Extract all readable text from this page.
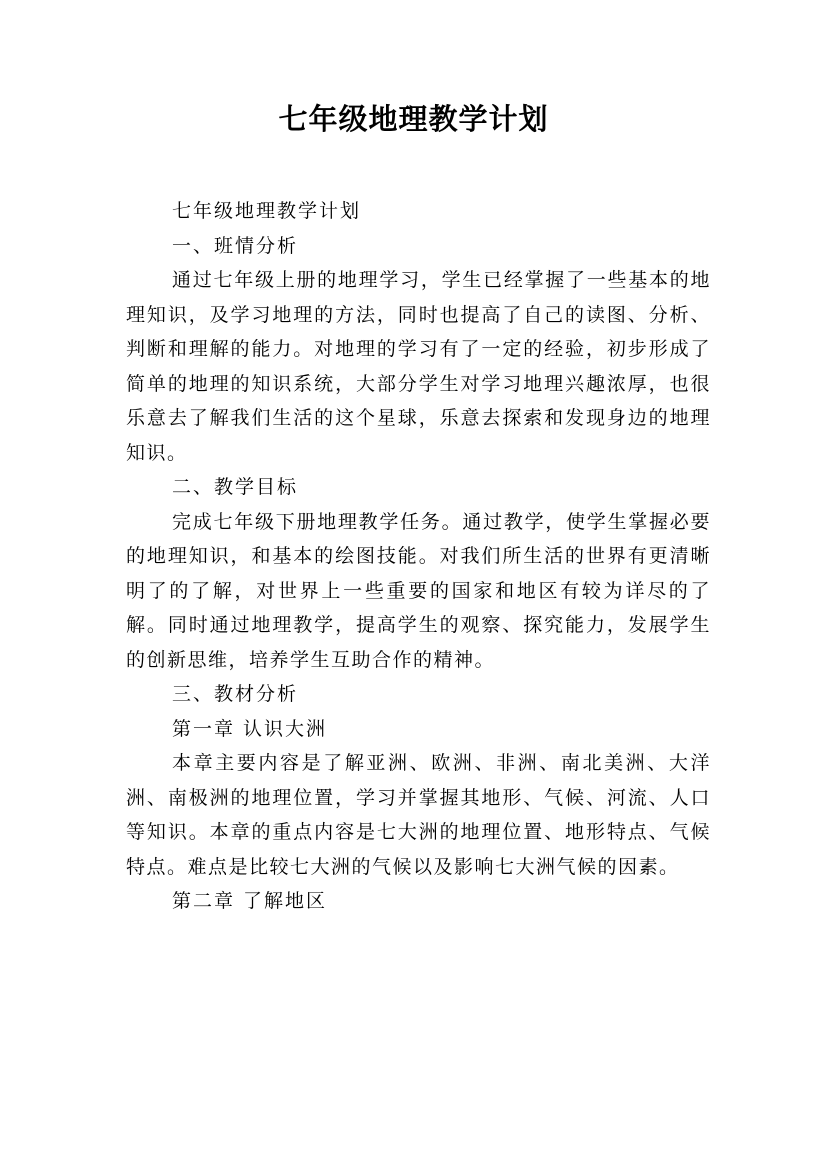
七年级地理教学计划
七年级地理教学计划
一、班情分析

通过七年级上册的地理学习，学生已经掌握了一些基本的地理知识，及学习地理的方法，同时也提高了自己的读图、分析、判断和理解的能力。对地理的学习有了一定的经验，初步形成了简单的地理的知识系统，大部分学生对学习地理兴趣浓厚，也很乐意去了解我们生活的这个星球，乐意去探索和发现身边的地理知识。

二、教学目标

完成七年级下册地理教学任务。通过教学，使学生掌握必要的地理知识，和基本的绘图技能。对我们所生活的世界有更清晰明了的了解，对世界上一些重要的国家和地区有较为详尽的了解。同时通过地理教学，提高学生的观察、探究能力，发展学生的创新思维，培养学生互助合作的精神。

三、教材分析
第一章 认识大洲

本章主要内容是了解亚洲、欧洲、非洲、南北美洲、大洋洲、南极洲的地理位置，学习并掌握其地形、气候、河流、人口等知识。本章的重点内容是七大洲的地理位置、地形特点、气候特点。难点是比较七大洲的气候以及影响七大洲气候的因素。

第二章 了解地区
